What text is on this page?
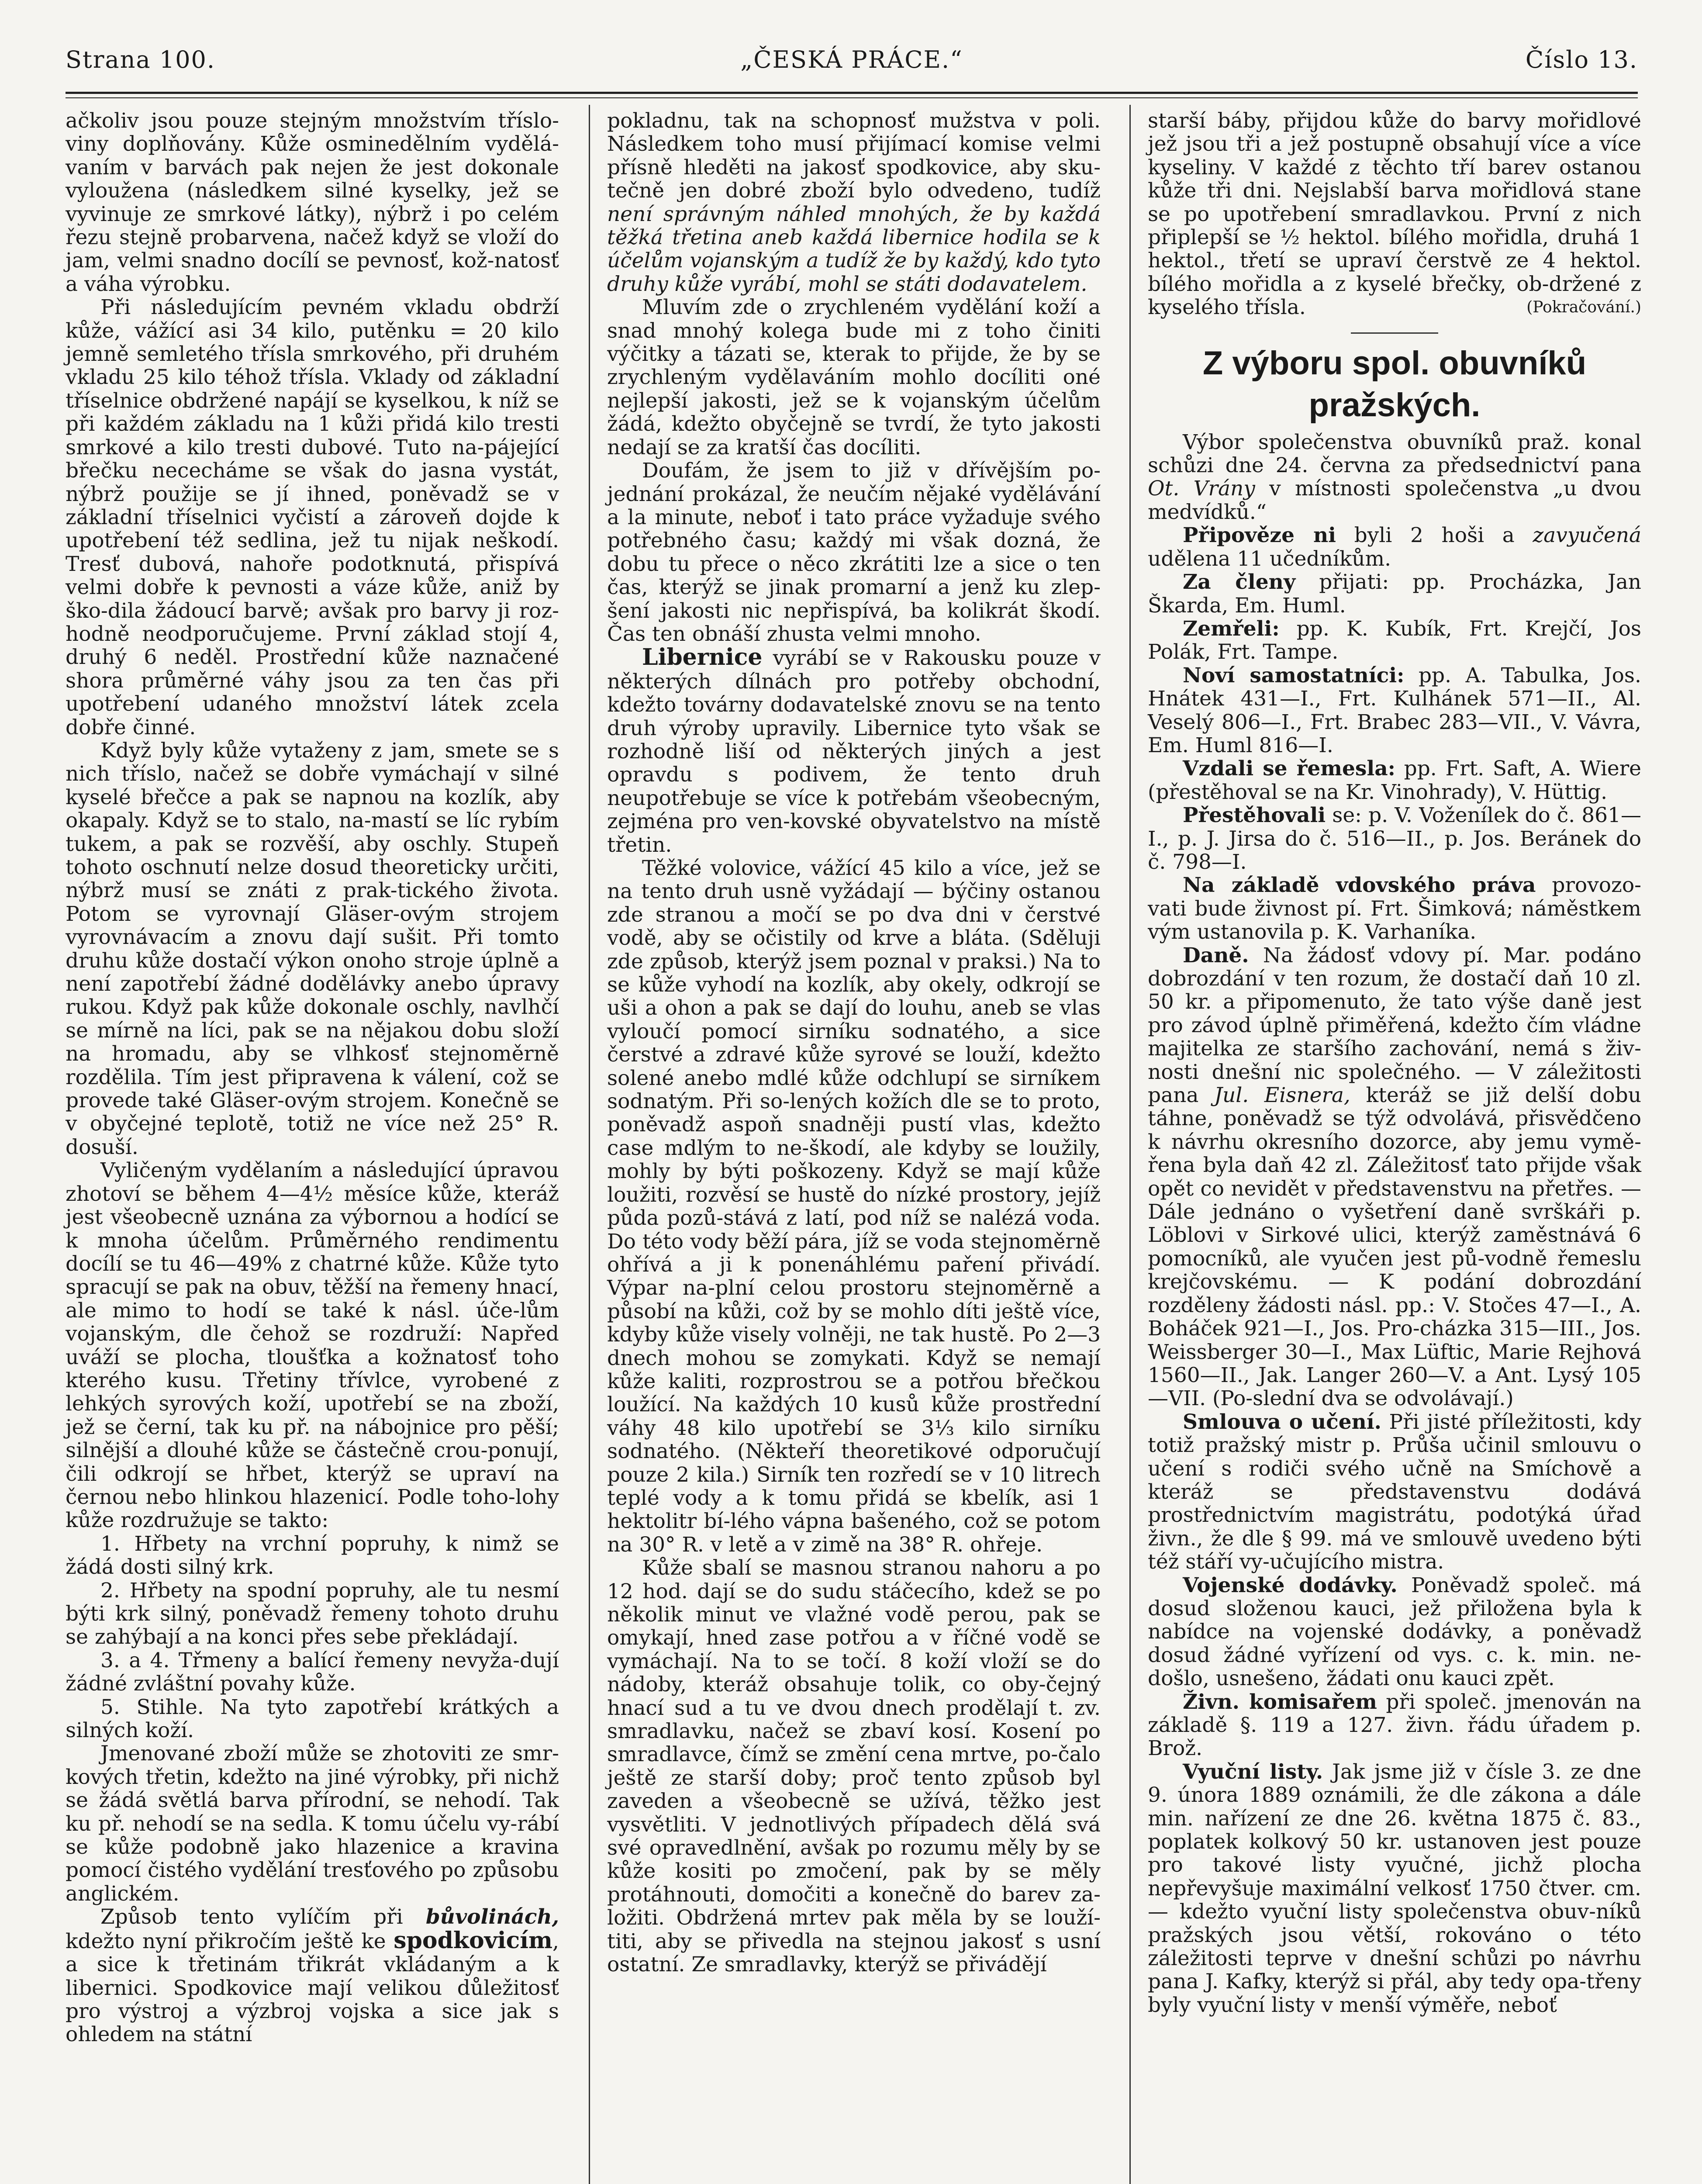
Strana 100.	„ČESKÁ PRÁCE.“	Číslo 13.

ačkoliv jsou pouze stejným množstvím tříslo-viny doplňovány. Kůže osminedělním vydělá-vaním v barvách pak nejen že jest dokonale vyloužena (následkem silné kyselky, jež se vyvinuje ze smrkové látky), nýbrž i po celém řezu stejně probarvena, načež když se vloží do jam, velmi snadno docílí se pevnosť, kož-natosť a váha výrobku.

Při následujícím pevném vkladu obdrží kůže, vážící asi 34 kilo, putěnku = 20 kilo jemně semletého třísla smrkového, při druhém vkladu 25 kilo téhož třísla. Vklady od základní tříselnice obdržené napájí se kyselkou, k níž se při každém základu na 1 kůži přidá kilo tresti smrkové a kilo tresti dubové. Tuto na-pájející břečku nececháme se však do jasna vystát, nýbrž použije se jí ihned, poněvadž se v základní tříselnici vyčistí a zároveň dojde k upotřebení též sedlina, jež tu nijak neškodí. Tresť dubová, nahoře podotknutá, přispívá velmi dobře k pevnosti a váze kůže, aniž by ško-dila žádoucí barvě; avšak pro barvy ji roz-hodně neodporučujeme. První základ stojí 4, druhý 6 neděl. Prostřední kůže naznačené shora průměrné váhy jsou za ten čas při upotřebení udaného množství látek zcela dobře činné.

Když byly kůže vytaženy z jam, smete se s nich tříslo, načež se dobře vymáchají v silné kyselé břečce a pak se napnou na kozlík, aby okapaly. Když se to stalo, na-mastí se líc rybím tukem, a pak se rozvěší, aby oschly. Stupeň tohoto oschnutí nelze dosud theoreticky určiti, nýbrž musí se znáti z prak-tického života. Potom se vyrovnají Gläser-ovým strojem vyrovnávacím a znovu dají sušit. Při tomto druhu kůže dostačí výkon onoho stroje úplně a není zapotřebí žádné dodělávky anebo úpravy rukou. Když pak kůže dokonale oschly, navlhčí se mírně na líci, pak se na nějakou dobu složí na hromadu, aby se vlhkosť stejnoměrně rozdělila. Tím jest připravena k válení, což se provede také Gläser-ovým strojem. Konečně se v obyčejné teplotě, totiž ne více než 25° R. dosuší.

Vyličeným vydělaním a následující úpravou zhotoví se během 4—4½ měsíce kůže, kteráž jest všeobecně uznána za výbornou a hodící se k mnoha účelům. Průměrného rendimentu docílí se tu 46—49% z chatrné kůže. Kůže tyto spracují se pak na obuv, těžší na řemeny hnací, ale mimo to hodí se také k násl. úče-lům vojanským, dle čehož se rozdruží: Napřed uváží se plocha, tloušťka a kožnatosť toho kterého kusu. Třetiny třívlce, vyrobené z lehkých syrových koží, upotřebí se na zboží, jež se černí, tak ku př. na nábojnice pro pěší; silnější a dlouhé kůže se částečně crou-ponují, čili odkrojí se hřbet, kterýž se upraví na černou nebo hlinkou hlazenicí. Podle toho-lohy kůže rozdružuje se takto:

1. Hřbety na vrchní popruhy, k nimž se žádá dosti silný krk.

2. Hřbety na spodní popruhy, ale tu nesmí býti krk silný, poněvadž řemeny tohoto druhu se zahýbají a na konci přes sebe překládají.

3. a 4. Třmeny a balící řemeny nevyža-dují žádné zvláštní povahy kůže.

5. Stihle. Na tyto zapotřebí krátkých a silných koží.

Jmenované zboží může se zhotoviti ze smr-kových třetin, kdežto na jiné výrobky, při nichž se žádá světlá barva přírodní, se nehodí. Tak ku př. nehodí se na sedla. K tomu účelu vy-rábí se kůže podobně jako hlazenice a kravina pomocí čistého vydělání tresťového po způsobu anglickém.

Způsob tento vylíčím při bůvolinách, kdežto nyní přikročím ještě ke spodkovicím, a sice k třetinám třikrát vkládaným a k libernici. Spodkovice mají velikou důležitosť pro výstroj a výzbroj vojska a sice jak s ohledem na státní

pokladnu, tak na schopnosť mužstva v poli. Následkem toho musí přijímací komise velmi přísně hleděti na jakosť spodkovice, aby sku-tečně jen dobré zboží bylo odvedeno, tudíž není správným náhled mnohých, že by každá těžká třetina aneb každá libernice hodila se k účelům vojanským a tudíž že by každý, kdo tyto druhy kůže vyrábí, mohl se státi dodavatelem.

Mluvím zde o zrychleném vydělání koží a snad mnohý kolega bude mi z toho činiti výčitky a tázati se, kterak to přijde, že by se zrychleným vydělaváním mohlo docíliti oné nejlepší jakosti, jež se k vojanským účelům žádá, kdežto obyčejně se tvrdí, že tyto jakosti nedají se za kratší čas docíliti.

Doufám, že jsem to již v dřívějším po-jednání prokázal, že neučím nějaké vydělávání a la minute, neboť i tato práce vyžaduje svého potřebného času; každý mi však dozná, že dobu tu přece o něco zkrátiti lze a sice o ten čas, kterýž se jinak promarní a jenž ku zlep-šení jakosti nic nepřispívá, ba kolikrát škodí. Čas ten obnáší zhusta velmi mnoho.

Libernice vyrábí se v Rakousku pouze v některých dílnách pro potřeby obchodní, kdežto továrny dodavatelské znovu se na tento druh výroby upravily. Libernice tyto však se rozhodně liší od některých jiných a jest opravdu s podivem, že tento druh neupotřebuje se více k potřebám všeobecným, zejména pro ven-kovské obyvatelstvo na místě třetin.

Těžké volovice, vážící 45 kilo a více, jež se na tento druh usně vyžádají — býčiny ostanou zde stranou a močí se po dva dni v čerstvé vodě, aby se očistily od krve a bláta. (Sděluji zde způsob, kterýž jsem poznal v praksi.) Na to se kůže vyhodí na kozlík, aby okely, odkrojí se uši a ohon a pak se dají do louhu, aneb se vlas vyloučí pomocí sirníku sodnatého, a sice čerstvé a zdravé kůže syrové se louží, kdežto solené anebo mdlé kůže odchlupí se sirníkem sodnatým. Při so-lených kožích dle se to proto, poněvadž aspoň snadněji pustí vlas, kdežto case mdlým to ne-škodí, ale kdyby se loužily, mohly by býti poškozeny. Když se mají kůže loužiti, rozvěsí se hustě do nízké prostory, jejíž půda pozů-stává z latí, pod níž se nalézá voda. Do této vody běží pára, jíž se voda stejnoměrně ohřívá a ji k ponenáhlému paření přivádí. Výpar na-plní celou prostoru stejnoměrně a působí na kůži, což by se mohlo díti ještě více, kdyby kůže visely volněji, ne tak hustě. Po 2—3 dnech mohou se zomykati. Když se nemají kůže kaliti, rozprostrou se a potřou břečkou loužící. Na každých 10 kusů kůže prostřední váhy 48 kilo upotřebí se 3⅓ kilo sirníku sodnatého. (Někteří theoretikové odporučují pouze 2 kila.) Sirník ten rozředí se v 10 litrech teplé vody a k tomu přidá se kbelík, asi 1 hektolitr bí-lého vápna bašeného, což se potom na 30° R. v letě a v zimě na 38° R. ohřeje.

Kůže sbalí se masnou stranou nahoru a po 12 hod. dají se do sudu stáčecího, kdež se po několik minut ve vlažné vodě perou, pak se omykají, hned zase potřou a v říčné vodě se vymáchají. Na to se točí. 8 koží vloží se do nádoby, kteráž obsahuje tolik, co oby-čejný hnací sud a tu ve dvou dnech prodělají t. zv. smradlavku, načež se zbaví kosí. Kosení po smradlavce, čímž se změní cena mrtve, po-čalo ještě ze starší doby; proč tento způsob byl zaveden a všeobecně se užívá, těžko jest vysvětliti. V jednotlivých případech dělá svá své opravedlnění, avšak po rozumu měly by se kůže kositi po zmočení, pak by se měly protáhnouti, domočiti a konečně do barev za-ložiti. Obdržená mrtev pak měla by se louží-titi, aby se přivedla na stejnou jakosť s usní ostatní. Ze smradlavky, kterýž se přivádějí

starší báby, přijdou kůže do barvy mořidlové jež jsou tři a jež postupně obsahují více a více kyseliny. V každé z těchto tří barev ostanou kůže tři dni. Nejslabší barva mořidlová stane se po upotřebení smradlavkou. První z nich připlepší se ½ hektol. bílého mořidla, druhá 1 hektol., třetí se upraví čerstvě ze 4 hektol. bílého mořidla a z kyselé břečky, ob-držené z kyselého třísla.	(Pokračování.)

Z výboru spol. obuvníků pražských.

Výbor společenstva obuvníků praž. konal schůzi dne 24. června za předsednictví pana Ot. Vrány v místnosti společenstva „u dvou medvídků.“

Připověze ni byli 2 hoši a zavyučená udělena 11 učedníkům.

Za členy přijati: pp. Procházka, Jan Škarda, Em. Huml.

Zemřeli: pp. K. Kubík, Frt. Krejčí, Jos Polák, Frt. Tampe.

Noví samostatníci: pp. A. Tabulka, Jos. Hnátek 431—I., Frt. Kulhánek 571—II., Al. Veselý 806—I., Frt. Brabec 283—VII., V. Vávra, Em. Huml 816—I.

Vzdali se řemesla: pp. Frt. Saft, A. Wiere (přestěhoval se na Kr. Vinohrady), V. Hüttig.

Přestěhovali se: p. V. Voženílek do č. 861—I., p. J. Jirsa do č. 516—II., p. Jos. Beránek do č. 798—I.

Na základě vdovského práva provozo-vati bude živnost pí. Frt. Šimková; náměstkem vým ustanovila p. K. Varhaníka.

Daně. Na žádosť vdovy pí. Mar. podáno dobrozdání v ten rozum, že dostačí daň 10 zl. 50 kr. a připomenuto, že tato výše daně jest pro závod úplně přiměřená, kdežto čím vládne majitelka ze staršího zachování, nemá s živ-nosti dnešní nic společného. — V záležitosti pana Jul. Eisnera, kteráž se již delší dobu táhne, poněvadž se týž odvolává, přisvědčeno k návrhu okresního dozorce, aby jemu vymě-řena byla daň 42 zl. Záležitosť tato přijde však opět co nevidět v představenstvu na přetřes. — Dále jednáno o vyšetření daně svrškáři p. Löblovi v Sirkové ulici, kterýž zaměstnává 6 pomocníků, ale vyučen jest pů-vodně řemeslu krejčovskému. — K podání dobrozdání rozděleny žádosti násl. pp.: V. Stočes 47—I., A. Boháček 921—I., Jos. Pro-cházka 315—III., Jos. Weissberger 30—I., Max Lüftic, Marie Rejhová 1560—II., Jak. Langer 260—V. a Ant. Lysý 105—VII. (Po-slední dva se odvolávají.)

Smlouva o učení. Při jisté příležitosti, kdy totiž pražský mistr p. Průša učinil smlouvu o učení s rodiči svého učně na Smíchově a kteráž se představenstvu dodává prostřednictvím magistrátu, podotýká úřad živn., že dle § 99. má ve smlouvě uvedeno býti též stáří vy-učujícího mistra.

Vojenské dodávky. Poněvadž společ. má dosud složenou kauci, jež přiložena byla k nabídce na vojenské dodávky, a poněvadž dosud žádné vyřízení od vys. c. k. min. ne-došlo, usnešeno, žádati onu kauci zpět.

Živn. komisařem při společ. jmenován na základě §. 119 a 127. živn. řádu úřadem p. Brož.

Vyuční listy. Jak jsme již v čísle 3. ze dne 9. února 1889 oznámili, že dle zákona a dále min. nařízení ze dne 26. května 1875 č. 83., poplatek kolkový 50 kr. ustanoven jest pouze pro takové listy vyučné, jichž plocha nepřevyšuje maximální velkosť 1750 čtver. cm. — kdežto vyuční listy společenstva obuv-níků pražských jsou větší, rokováno o této záležitosti teprve v dnešní schůzi po návrhu pana J. Kafky, kterýž si přál, aby tedy opa-třeny byly vyuční listy v menší výměře, neboť
